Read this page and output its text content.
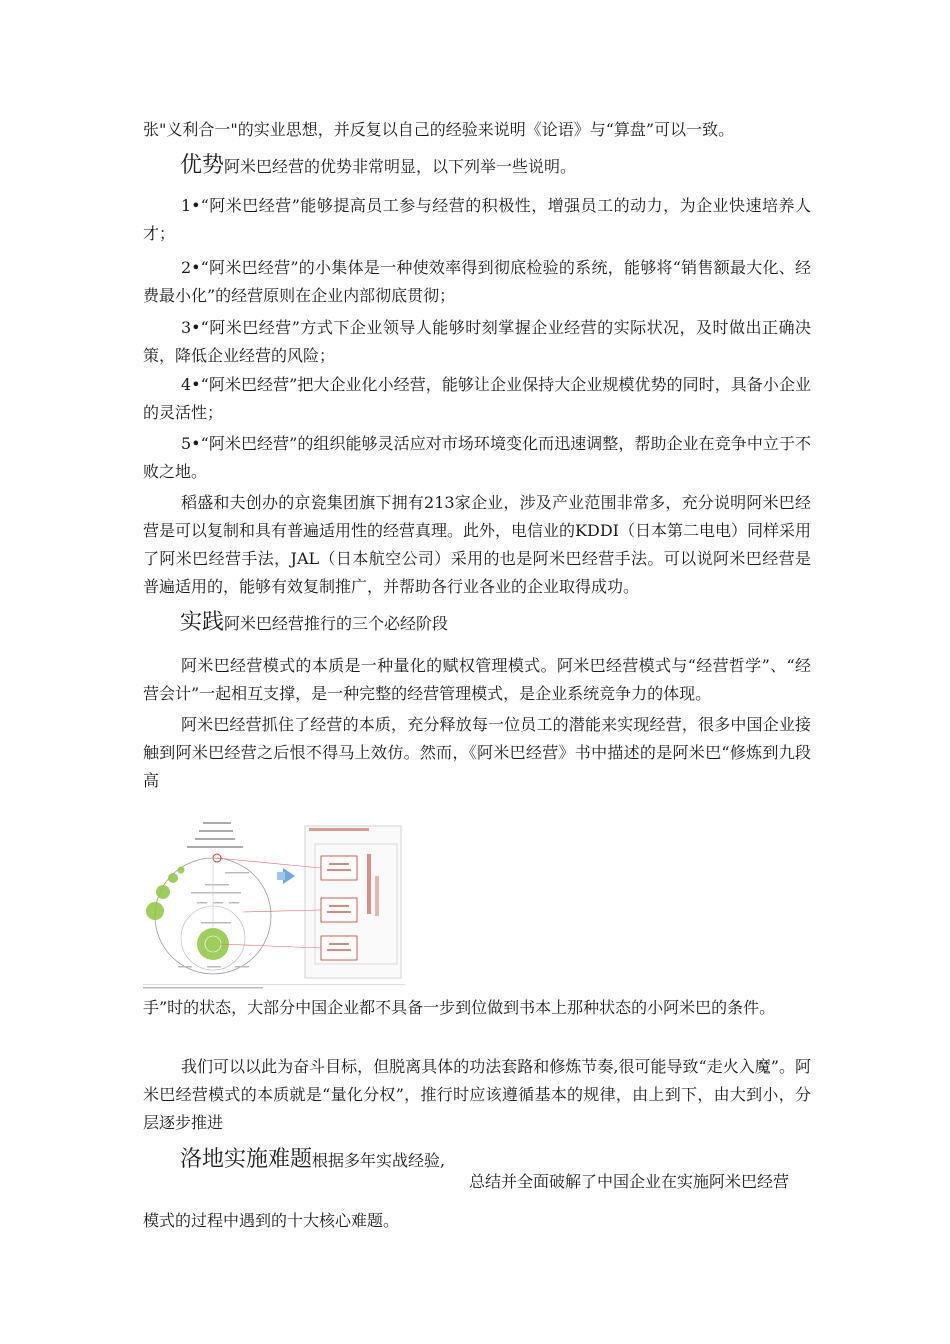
张"义利合一"的实业思想，并反复以自己的经验来说明《论语》与“算盘”可以一致。

优势阿米巴经营的优势非常明显，以下列举一些说明。

1•“阿米巴经营”能够提高员工参与经营的积极性，增强员工的动力，为企业快速培养人才；

2•“阿米巴经营”的小集体是一种使效率得到彻底检验的系统，能够将“销售额最大化、经费最小化”的经营原则在企业内部彻底贯彻；

3•“阿米巴经营”方式下企业领导人能够时刻掌握企业经营的实际状况，及时做出正确决策，降低企业经营的风险；

4•“阿米巴经营”把大企业化小经营，能够让企业保持大企业规模优势的同时，具备小企业的灵活性；

5•“阿米巴经营”的组织能够灵活应对市场环境变化而迅速调整，帮助企业在竞争中立于不败之地。

稻盛和夫创办的京瓷集团旗下拥有213家企业，涉及产业范围非常多，充分说明阿米巴经营是可以复制和具有普遍适用性的经营真理。此外，电信业的KDDI（日本第二电电）同样采用了阿米巴经营手法，JAL（日本航空公司）采用的也是阿米巴经营手法。可以说阿米巴经营是普遍适用的，能够有效复制推广，并帮助各行业各业的企业取得成功。

实践阿米巴经营推行的三个必经阶段

阿米巴经营模式的本质是一种量化的赋权管理模式。阿米巴经营模式与“经营哲学”、“经营会计”一起相互支撑，是一种完整的经营管理模式，是企业系统竞争力的体现。

阿米巴经营抓住了经营的本质，充分释放每一位员工的潜能来实现经营，很多中国企业接触到阿米巴经营之后恨不得马上效仿。然而，《阿米巴经营》书中描述的是阿米巴“修炼到九段高

手”时的状态，大部分中国企业都不具备一步到位做到书本上那种状态的小阿米巴的条件。

我们可以以此为奋斗目标，但脱离具体的功法套路和修炼节奏,很可能导致“走火入魔”。阿米巴经营模式的本质就是“量化分权”，推行时应该遵循基本的规律，由上到下，由大到小，分层逐步推进

洛地实施难题根据多年实战经验,

总结并全面破解了中国企业在实施阿米巴经营

模式的过程中遇到的十大核心难题。
